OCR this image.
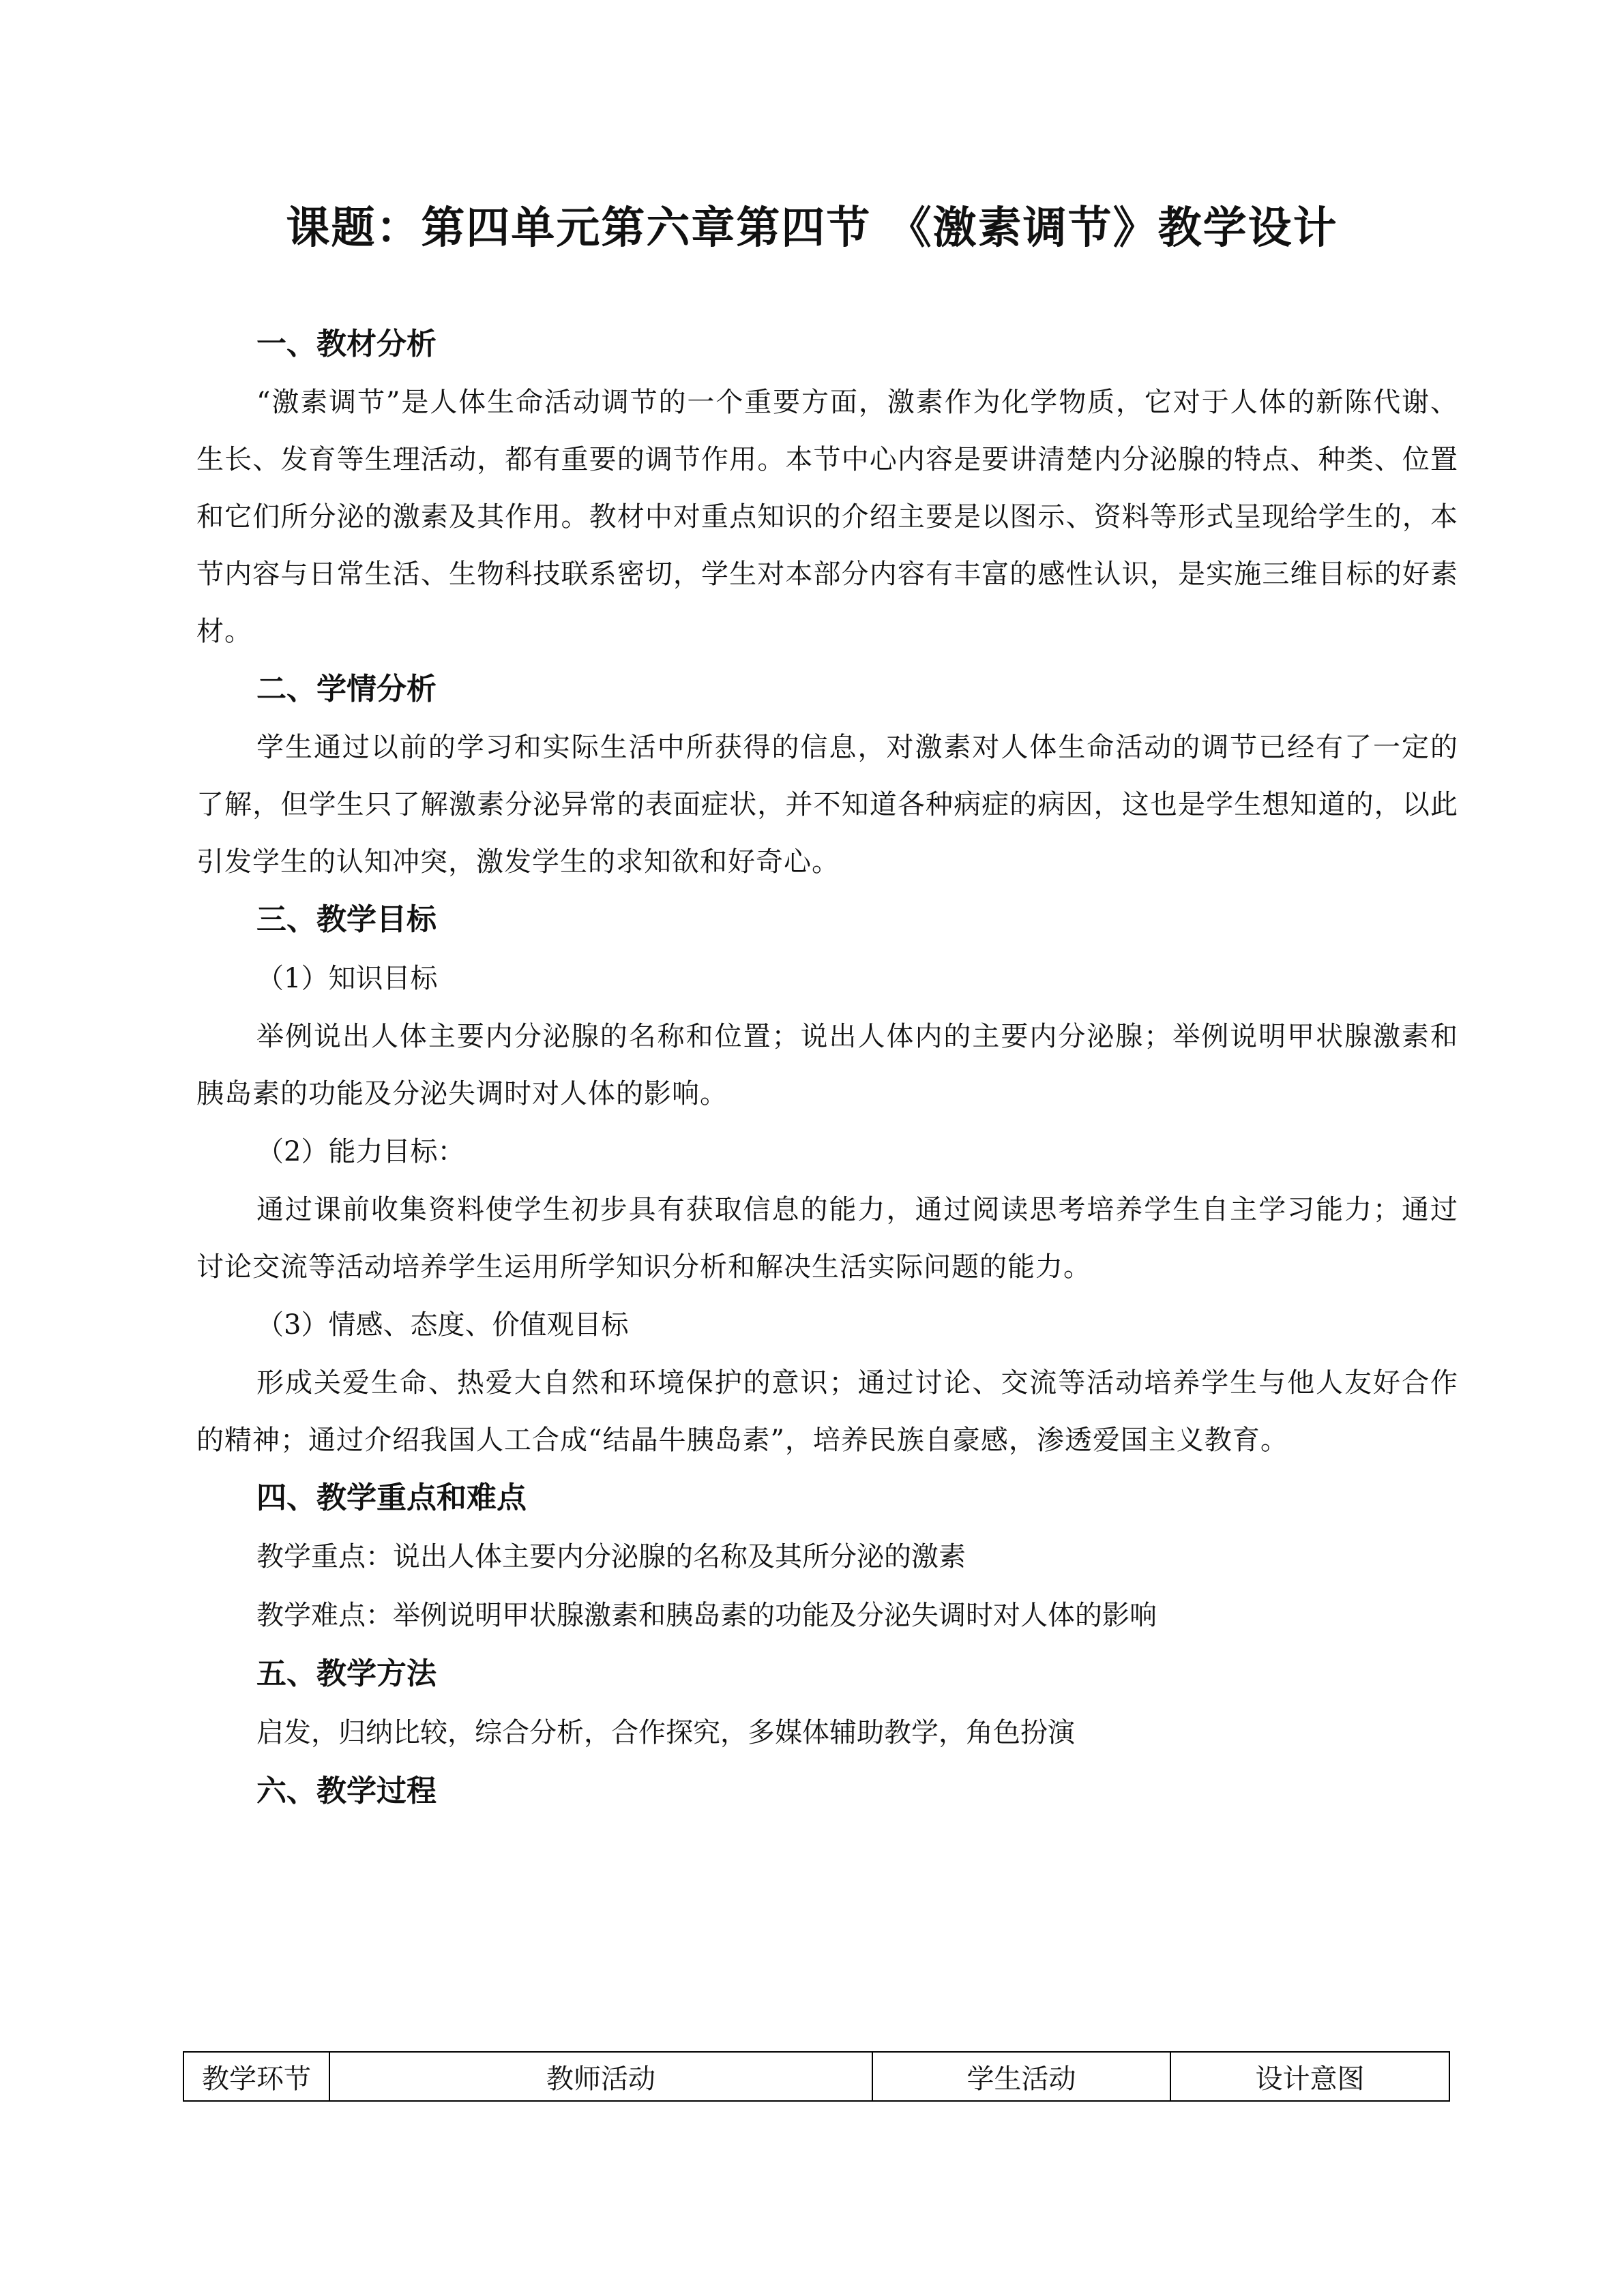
课题：第四单元第六章第四节 《激素调节》教学设计
一、教材分析

“激素调节”是人体生命活动调节的一个重要方面，激素作为化学物质，它对于人体的新陈代谢、生长、发育等生理活动，都有重要的调节作用。本节中心内容是要讲清楚内分泌腺的特点、种类、位置和它们所分泌的激素及其作用。教材中对重点知识的介绍主要是以图示、资料等形式呈现给学生的，本节内容与日常生活、生物科技联系密切，学生对本部分内容有丰富的感性认识，是实施三维目标的好素材。

二、学情分析

学生通过以前的学习和实际生活中所获得的信息，对激素对人体生命活动的调节已经有了一定的了解，但学生只了解激素分泌异常的表面症状，并不知道各种病症的病因，这也是学生想知道的，以此引发学生的认知冲突，激发学生的求知欲和好奇心。

三、教学目标
（1）知识目标

举例说出人体主要内分泌腺的名称和位置；说出人体内的主要内分泌腺；举例说明甲状腺激素和胰岛素的功能及分泌失调时对人体的影响。

（2）能力目标：

通过课前收集资料使学生初步具有获取信息的能力，通过阅读思考培养学生自主学习能力；通过讨论交流等活动培养学生运用所学知识分析和解决生活实际问题的能力。

（3）情感、态度、价值观目标

形成关爱生命、热爱大自然和环境保护的意识；通过讨论、交流等活动培养学生与他人友好合作的精神；通过介绍我国人工合成“结晶牛胰岛素”，培养民族自豪感，渗透爱国主义教育。

四、教学重点和难点
教学重点：说出人体主要内分泌腺的名称及其所分泌的激素
教学难点：举例说明甲状腺激素和胰岛素的功能及分泌失调时对人体的影响
五、教学方法
启发，归纳比较，综合分析，合作探究，多媒体辅助教学，角色扮演
六、教学过程
教学环节	教师活动	学生活动	设计意图
